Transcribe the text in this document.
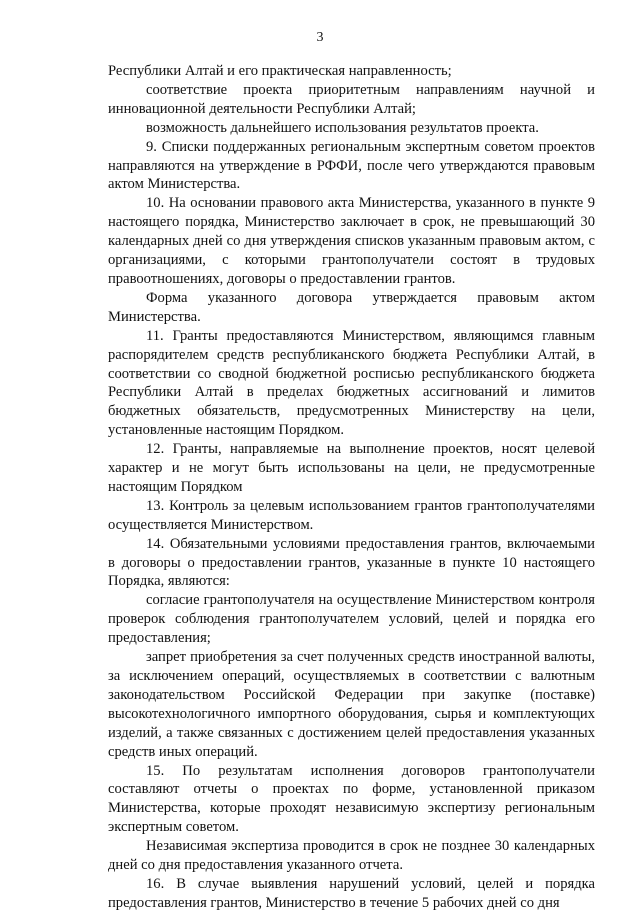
3

Республики Алтай и его практическая направленность;

соответствие проекта приоритетным направлениям научной и инновационной деятельности Республики Алтай;

возможность дальнейшего использования результатов проекта.

9. Списки поддержанных региональным экспертным советом проектов направляются на утверждение в РФФИ, после чего утверждаются правовым актом Министерства.

10. На основании правового акта Министерства, указанного в пункте 9 настоящего порядка, Министерство заключает в срок, не превышающий 30 календарных дней со дня утверждения списков указанным правовым актом, с организациями, с которыми грантополучатели состоят в трудовых правоотношениях, договоры о предоставлении грантов.

Форма указанного договора утверждается правовым актом Министерства.

11. Гранты предоставляются Министерством, являющимся главным распорядителем средств республиканского бюджета Республики Алтай, в соответствии со сводной бюджетной росписью республиканского бюджета Республики Алтай в пределах бюджетных ассигнований и лимитов бюджетных обязательств, предусмотренных Министерству на цели, установленные настоящим Порядком.

12. Гранты, направляемые на выполнение проектов, носят целевой характер и не могут быть использованы на цели, не предусмотренные настоящим Порядком

13. Контроль за целевым использованием грантов грантополучателями осуществляется Министерством.

14. Обязательными условиями предоставления грантов, включаемыми в договоры о предоставлении грантов, указанные в пункте 10 настоящего Порядка, являются:

согласие грантополучателя на осуществление Министерством контроля проверок соблюдения грантополучателем условий, целей и порядка его предоставления;

запрет приобретения за счет полученных средств иностранной валюты, за исключением операций, осуществляемых в соответствии с валютным законодательством Российской Федерации при закупке (поставке) высокотехнологичного импортного оборудования, сырья и комплектующих изделий, а также связанных с достижением целей предоставления указанных средств иных операций.

15. По результатам исполнения договоров грантополучатели составляют отчеты о проектах по форме, установленной приказом Министерства, которые проходят независимую экспертизу региональным экспертным советом.

Независимая экспертиза проводится в срок не позднее 30 календарных дней со дня предоставления указанного отчета.

16. В случае выявления нарушений условий, целей и порядка предоставления грантов, Министерство в течение 5 рабочих дней со дня
